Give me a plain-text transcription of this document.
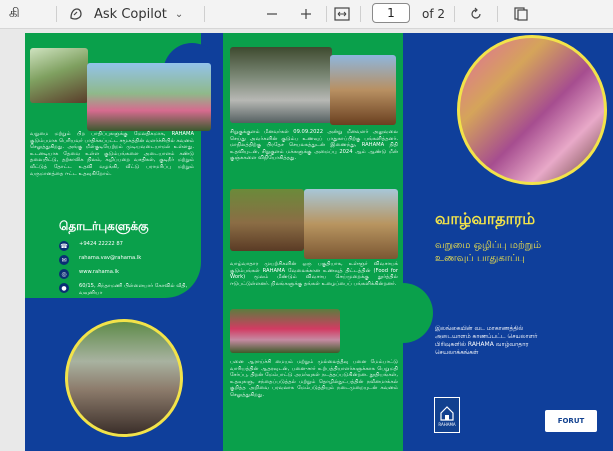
கி	Ask Copilot ⌄	1 of 2

வறுமை மற்றும் பிற பாதிப்புகளுக்கு மேலதிகமாக, RAHAMA குடும்பமாக பெரியவர் பாதிக்கப்பட்ட சமூகத்தின் வளர்ச்சியில் கவனம் செலுத்துகிறது. அங்கு மீள்குடியேற்றம் முடியவடையாமல் உள்ளது. உடனடியாக தேவை உள்ள குடும்பங்களை அடையாளம் கண்டு தலையிட்டு, தற்காலிக நிலம், கழிப்பறை வசதிகள், குடிநீர் மற்றும் வீட்டுத் தோட்ட உதவி வழங்கி, வீட்டு பராமரிப்பு மற்றும் வருமானத்தை ஈட்ட உதவுகிறோம்.

தொடர்புகளுக்கு

☎ +9424 22222 87
✉	rahama.vav@rahama.lk
◎	www.rahama.lk
●	60/15, சிந்தாமணி பிள்ளையார் கோவில் வீதி, வவுனியா

சிறுகுக்குளம் மீனவர்கள் 09.09.2022 அன்று மீனவளர் அலுவலை செய்து அவர்களின் குடும்ப உணவுப் பாதுகாப்பிற்கு பங்களித்தனர். மாநிலத்திற்கு பிரதேச செயலகத்துடன் இணைந்து, RAHAMA நிதி உதவியுடன், சிறுகுளம் மக்களுக்கு அமைப்பு 2024 ஆம் ஆண்டு மீன் குஞ்சுகளை விநியோகித்தது.

வாழ்வாதார முயற்சிகளின் ஒரு பகுதியாக, உள்ளூர் விவசாயக் குடும்பங்கள் RAHAMA வேலைக்கான உணவுத் திட்டத்தின் (Food for Work) மூலம் மீண்டும் விவசாய செய்முறைக்கு தூர்த்தில் ஈடுபட்டுள்ளனர். நிலங்களுக்கு தங்கள் உழைப்பைப் பங்களிக்கின்றனர்.

பனை ஆராய்ச்சி மையம் மற்றும் முல்லைத்தீவு பனை மேம்பாட்டு வாரியத்தின் ஆதரவுடன், பனை-சார் உற்பத்தியாளர்களுக்காக பெறுமதி சேர்ப்பு, திறன் மேம்பாட்டு அமர்வுகள் நடத்தப்படுகின்றன. நூதியங்கள், உதவுகளு, சந்தைப்படுத்தல் மற்றும் தொழில்நுட்பத்தின் நவீனமாக்கல் குறித்த அறிவை பரவலாக மேம்படுத்தியும் நடைமுறையுடன் கவனம் செலுத்துகிறது.

வாழ்வாதாரம்

வறுமை ஒழிப்பு மற்றும்
உணவுப் பாதுகாப்பு

இலங்கையின் வட மாகாணத்தில்
அடையாளம் காணப்பட்ட செயலாளர்
பிரிவுகளில் RAHAMA வாழ்வாதார
செயலாக்கங்கள்

RAHAMA	FORUT
